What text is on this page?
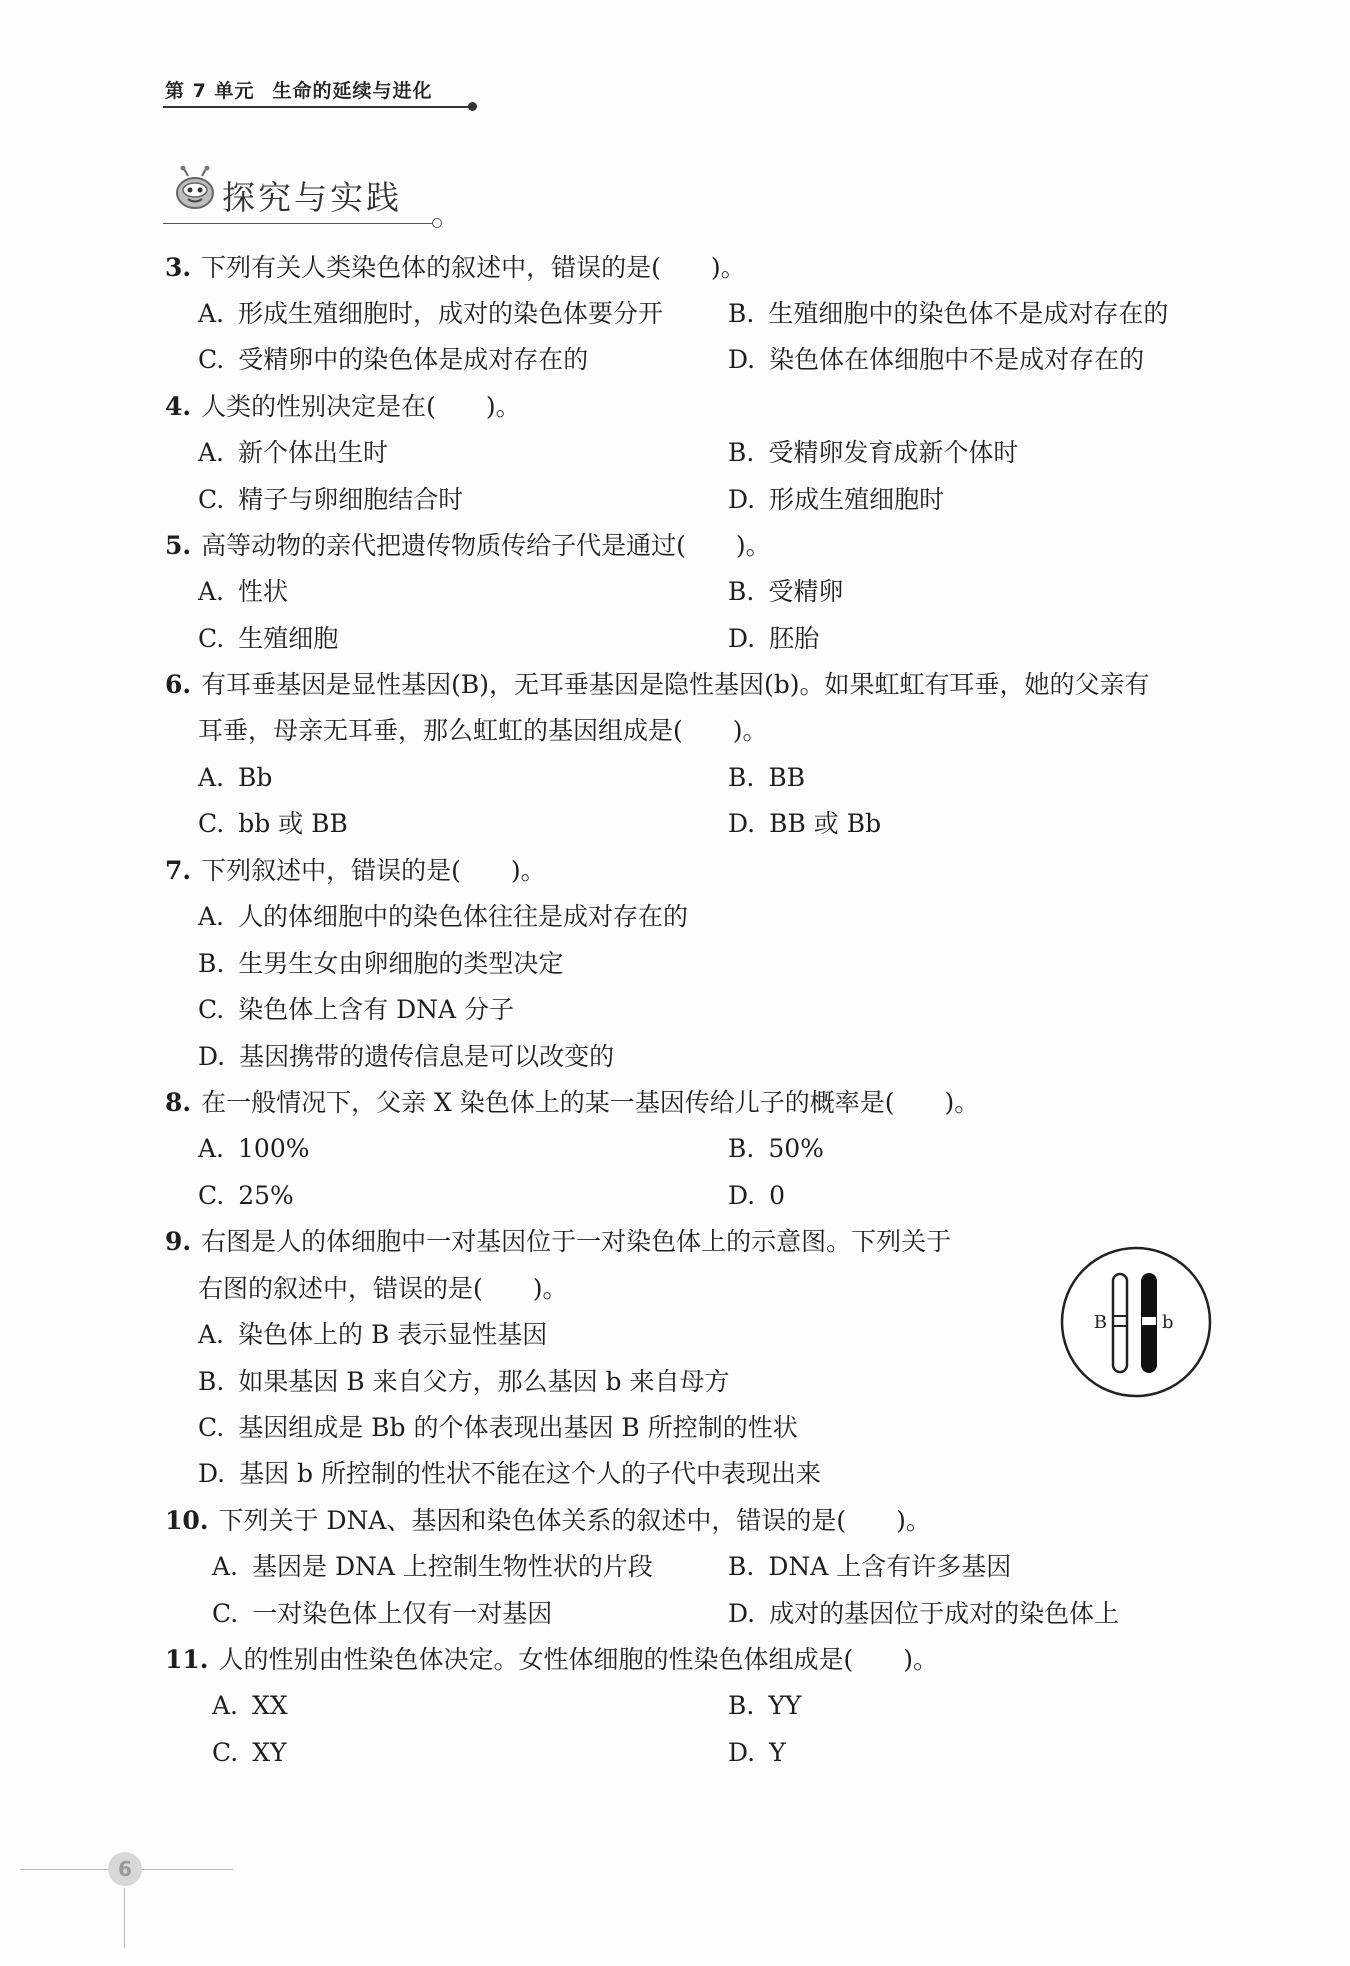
第 7 单元 生命的延续与进化
探究与实践
3. 下列有关人类染色体的叙述中，错误的是(　　)。
A. 形成生殖细胞时，成对的染色体要分开	B. 生殖细胞中的染色体不是成对存在的
C. 受精卵中的染色体是成对存在的	D. 染色体在体细胞中不是成对存在的
4. 人类的性别决定是在(　　)。
A. 新个体出生时	B. 受精卵发育成新个体时
C. 精子与卵细胞结合时	D. 形成生殖细胞时
5. 高等动物的亲代把遗传物质传给子代是通过(　　)。
A. 性状	B. 受精卵
C. 生殖细胞	D. 胚胎
6. 有耳垂基因是显性基因(B)，无耳垂基因是隐性基因(b)。如果虹虹有耳垂，她的父亲有
耳垂，母亲无耳垂，那么虹虹的基因组成是(　　)。
A. Bb	B. BB
C. bb 或 BB	D. BB 或 Bb
7. 下列叙述中，错误的是(　　)。
A. 人的体细胞中的染色体往往是成对存在的
B. 生男生女由卵细胞的类型决定
C. 染色体上含有 DNA 分子
D. 基因携带的遗传信息是可以改变的
8. 在一般情况下，父亲 X 染色体上的某一基因传给儿子的概率是(　　)。
A. 100%	B. 50%
C. 25%	D. 0
9. 右图是人的体细胞中一对基因位于一对染色体上的示意图。下列关于
右图的叙述中，错误的是(　　)。
A. 染色体上的 B 表示显性基因
B. 如果基因 B 来自父方，那么基因 b 来自母方
C. 基因组成是 Bb 的个体表现出基因 B 所控制的性状
D. 基因 b 所控制的性状不能在这个人的子代中表现出来
B	b
10. 下列关于 DNA、基因和染色体关系的叙述中，错误的是(　　)。
A. 基因是 DNA 上控制生物性状的片段	B. DNA 上含有许多基因
C. 一对染色体上仅有一对基因	D. 成对的基因位于成对的染色体上
11. 人的性别由性染色体决定。女性体细胞的性染色体组成是(　　)。
A. XX	B. YY
C. XY	D. Y
6
